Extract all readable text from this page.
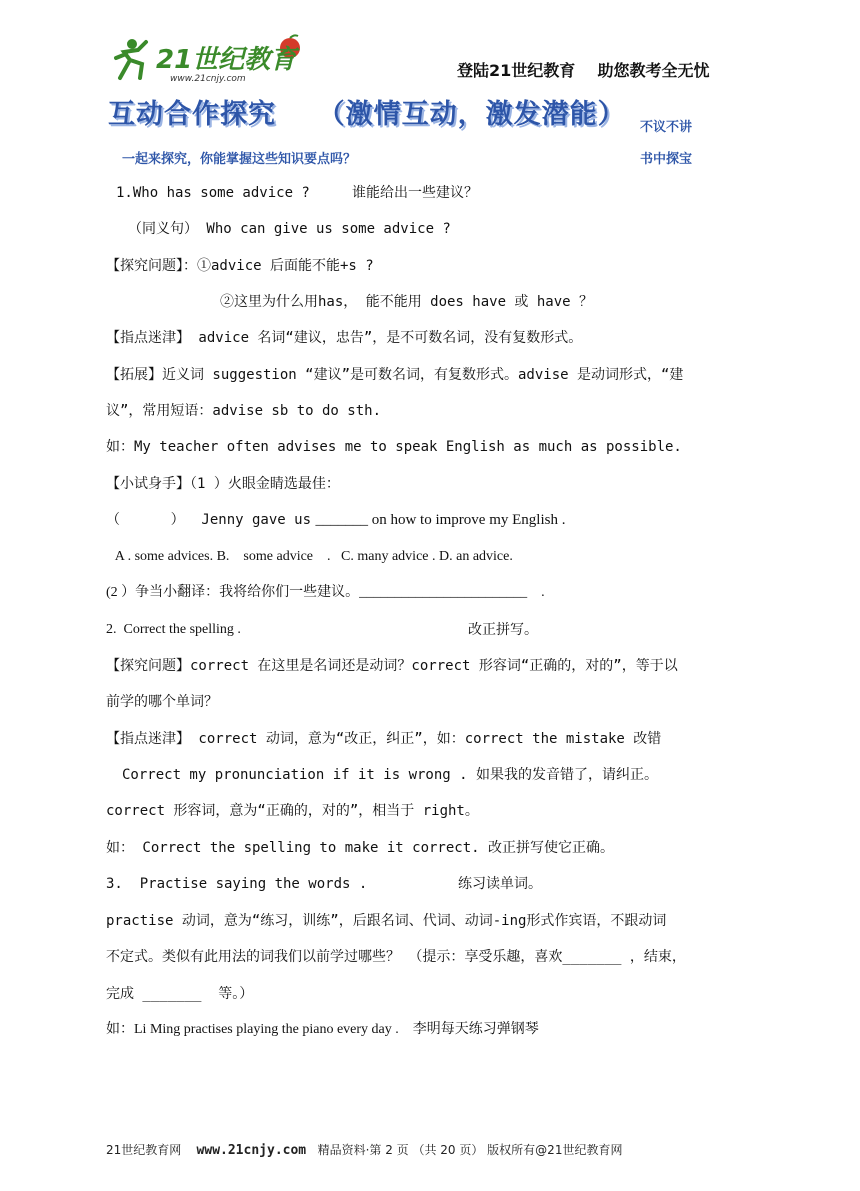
21世纪教育
www.21cnjy.com	登陆21世纪教育    助您教考全无忧
互动合作探究    （激情互动，激发潜能） 不议不讲
一起来探究，你能掌握这些知识要点吗？	书中探宝
1.Who has some advice ?     谁能给出一些建议？
（同义句） Who can give us some advice ?
【探究问题】：①advice 后面能不能+s ?
②这里为什么用has， 能不能用 does have 或 have ？
【指点迷津】 advice 名词“建议，忠告”，是不可数名词，没有复数形式。
【拓展】近义词 suggestion “建议”是可数名词，有复数形式。advise 是动词形式，“建
议”，常用短语：advise sb to do sth.
如：My teacher often advises me to speak English as much as possible.
【小试身手】（1 ）火眼金睛选最佳：
（      ）  Jenny gave us _______ on how to improve my English .
A . some advices. B.    some advice    .   C. many advice . D. an advice.
(2 ）争当小翻译：我将给你们一些建议。________________________    .
2.  Correct the spelling .	改正拼写。
【探究问题】correct 在这里是名词还是动词？correct 形容词“正确的，对的”，等于以
前学的哪个单词？
【指点迷津】 correct 动词，意为“改正，纠正”，如：correct the mistake 改错
Correct my pronunciation if it is wrong . 如果我的发音错了，请纠正。
correct 形容词，意为“正确的，对的”，相当于 right。
如： Correct the spelling to make it correct. 改正拼写使它正确。
3.  Practise saying the words .	练习读单词。
practise 动词，意为“练习，训练”，后跟名词、代词、动词-ing形式作宾语，不跟动词
不定式。类似有此用法的词我们以前学过哪些？ （提示：享受乐趣，喜欢_______ ，结束，
完成 _______  等。）
如：Li Ming practises playing the piano every day .    李明每天练习弹钢琴
21世纪教育网 www.21cnjy.com 精品资料·第 2 页 （共 20 页） 版权所有@21世纪教育网
